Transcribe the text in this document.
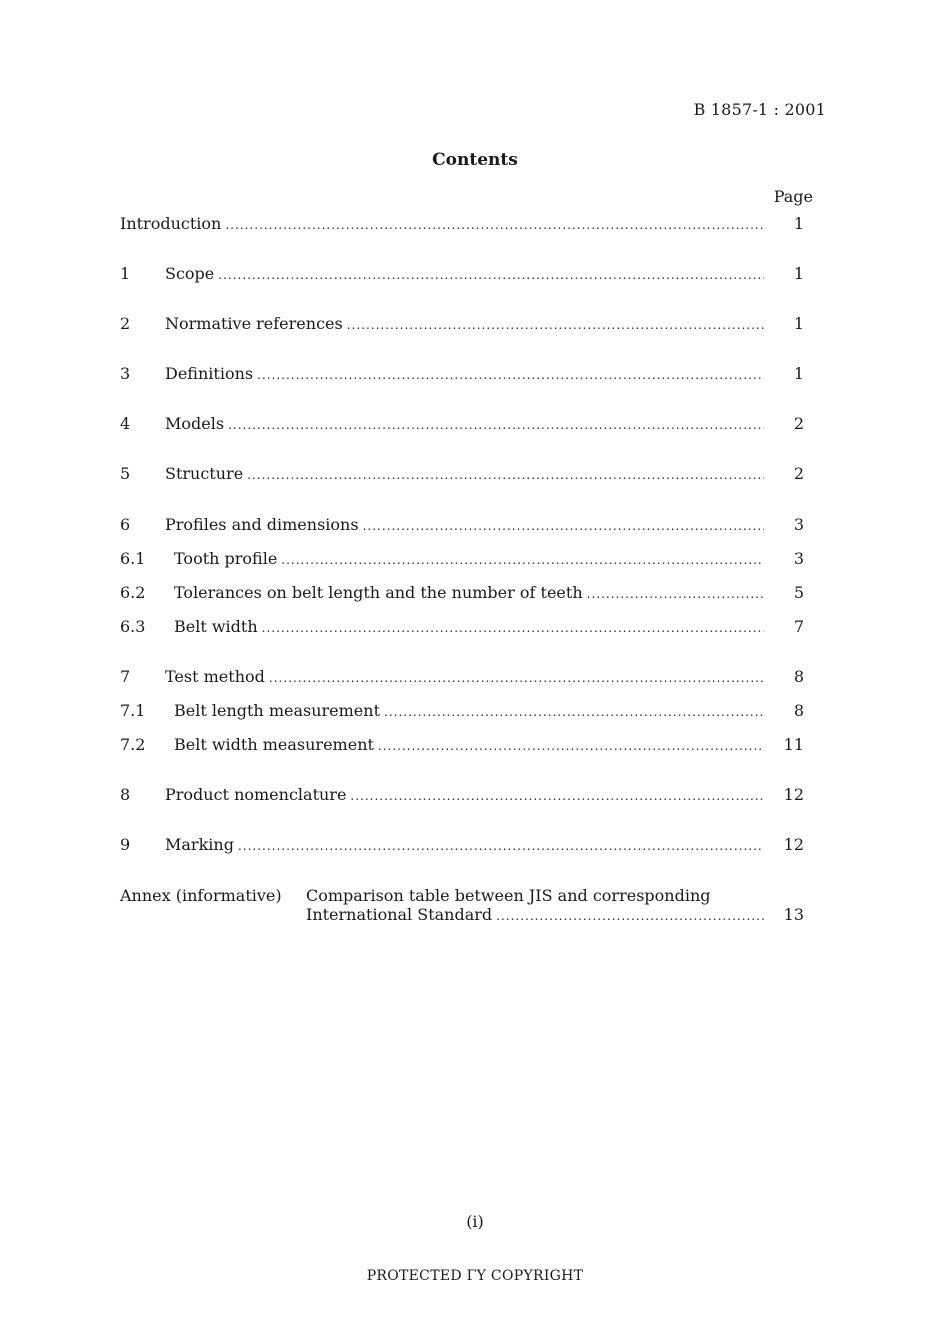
B 1857-1 : 2001
Contents
Page
Introduction .....	1
1	Scope .....	1
2	Normative references .....	1
3	Definitions .....	1
4	Models .....	2
5	Structure .....	2
6	Profiles and dimensions .....	3
6.1	Tooth profile .....	3
6.2	Tolerances on belt length and the number of teeth .....	5
6.3	Belt width .....	7
7	Test method .....	8
7.1	Belt length measurement .....	8
7.2	Belt width measurement .....	11
8	Product nomenclature .....	12
9	Marking .....	12
Annex (informative) Comparison table between JIS and corresponding
International Standard .....	13
(i)
PROTECTED ΓY COPYRIGHT
